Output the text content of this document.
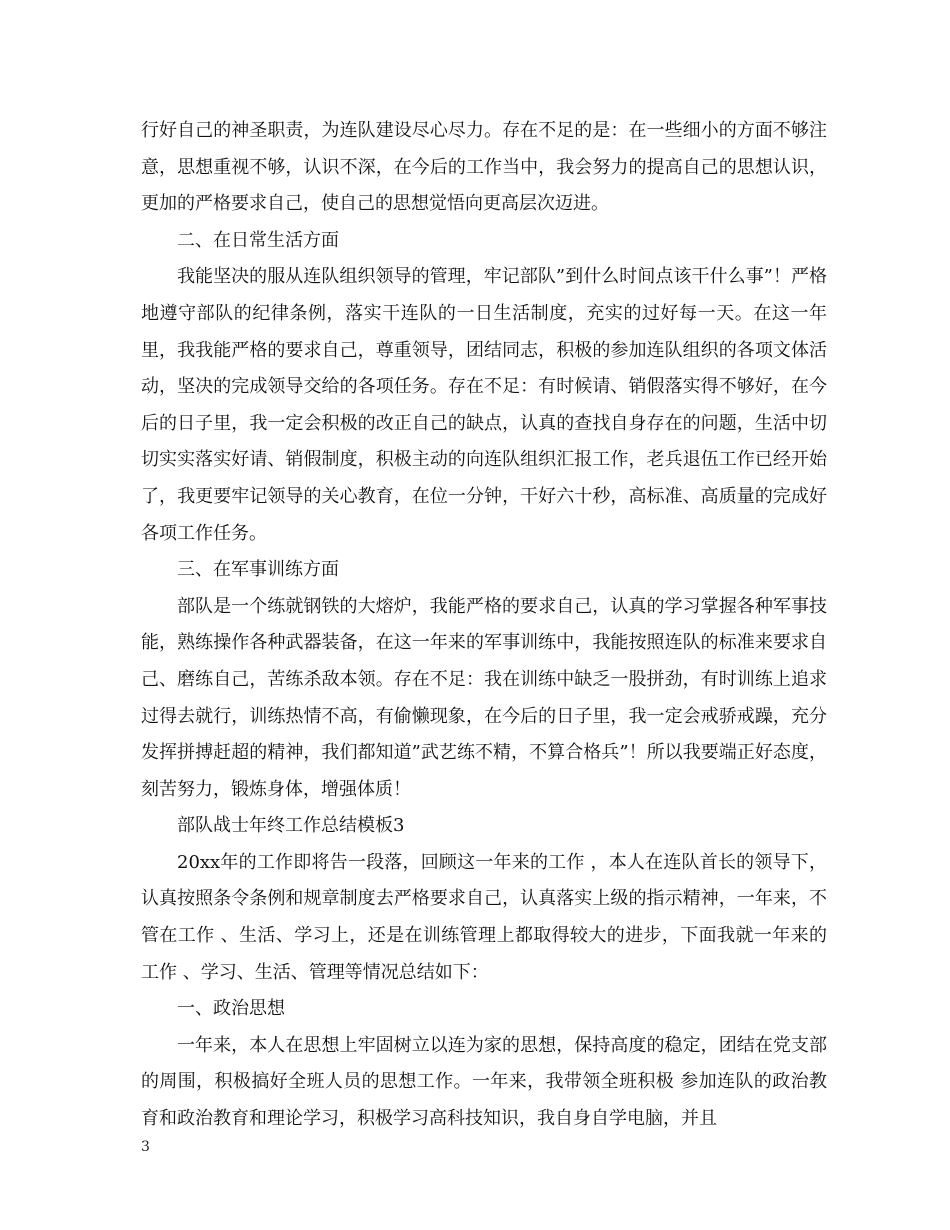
行好自己的神圣职责，为连队建设尽心尽力。存在不足的是：在一些细小的方面不够注意，思想重视不够，认识不深，在今后的工作当中，我会努力的提高自己的思想认识，更加的严格要求自己，使自己的思想觉悟向更高层次迈进。

二、在日常生活方面

我能坚决的服从连队组织领导的管理，牢记部队”到什么时间点该干什么事”！严格地遵守部队的纪律条例，落实干连队的一日生活制度，充实的过好每一天。在这一年里，我我能严格的要求自己，尊重领导，团结同志，积极的参加连队组织的各项文体活动，坚决的完成领导交给的各项任务。存在不足：有时候请、销假落实得不够好，在今后的日子里，我一定会积极的改正自己的缺点，认真的查找自身存在的问题，生活中切切实实落实好请、销假制度，积极主动的向连队组织汇报工作，老兵退伍工作已经开始了，我更要牢记领导的关心教育，在位一分钟，干好六十秒，高标准、高质量的完成好各项工作任务。

三、在军事训练方面

部队是一个练就钢铁的大熔炉，我能严格的要求自己，认真的学习掌握各种军事技能，熟练操作各种武器装备，在这一年来的军事训练中，我能按照连队的标准来要求自己、磨练自己，苦练杀敌本领。存在不足：我在训练中缺乏一股拼劲，有时训练上追求过得去就行，训练热情不高，有偷懒现象，在今后的日子里，我一定会戒骄戒躁，充分发挥拼搏赶超的精神，我们都知道”武艺练不精，不算合格兵”！所以我要端正好态度，刻苦努力，锻炼身体，增强体质！

部队战士年终工作总结模板3

20xx年的工作即将告一段落，回顾这一年来的工作 ，本人在连队首长的领导下，认真按照条令条例和规章制度去严格要求自己，认真落实上级的指示精神，一年来，不管在工作 、生活、学习上，还是在训练管理上都取得较大的进步，下面我就一年来的工作 、学习、生活、管理等情况总结如下：

一、政治思想

一年来，本人在思想上牢固树立以连为家的思想，保持高度的稳定，团结在党支部的周围，积极搞好全班人员的思想工作。一年来，我带领全班积极 参加连队的政治教育和政治教育和理论学习，积极学习高科技知识，我自身自学电脑，并且

3
